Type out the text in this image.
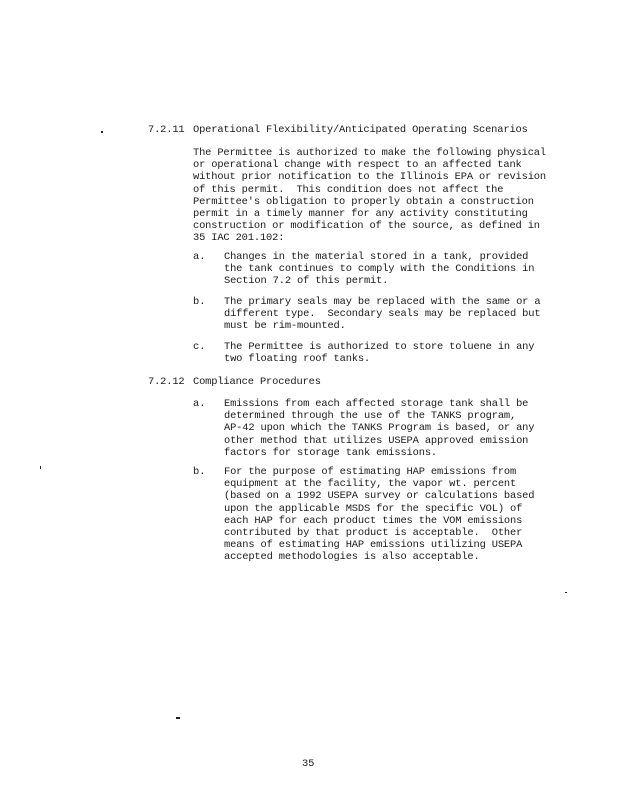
7.2.11 Operational Flexibility/Anticipated Operating Scenarios
The Permittee is authorized to make the following physical
or operational change with respect to an affected tank
without prior notification to the Illinois EPA or revision
of this permit.  This condition does not affect the
Permittee's obligation to properly obtain a construction
permit in a timely manner for any activity constituting
construction or modification of the source, as defined in
35 IAC 201.102:
a. Changes in the material stored in a tank, provided
the tank continues to comply with the Conditions in
Section 7.2 of this permit.
b. The primary seals may be replaced with the same or a
different type.  Secondary seals may be replaced but
must be rim-mounted.
c. The Permittee is authorized to store toluene in any
two floating roof tanks.
7.2.12 Compliance Procedures
a. Emissions from each affected storage tank shall be
determined through the use of the TANKS program,
AP-42 upon which the TANKS Program is based, or any
other method that utilizes USEPA approved emission
factors for storage tank emissions.
b. For the purpose of estimating HAP emissions from
equipment at the facility, the vapor wt. percent
(based on a 1992 USEPA survey or calculations based
upon the applicable MSDS for the specific VOL) of
each HAP for each product times the VOM emissions
contributed by that product is acceptable.  Other
means of estimating HAP emissions utilizing USEPA
accepted methodologies is also acceptable.
35
